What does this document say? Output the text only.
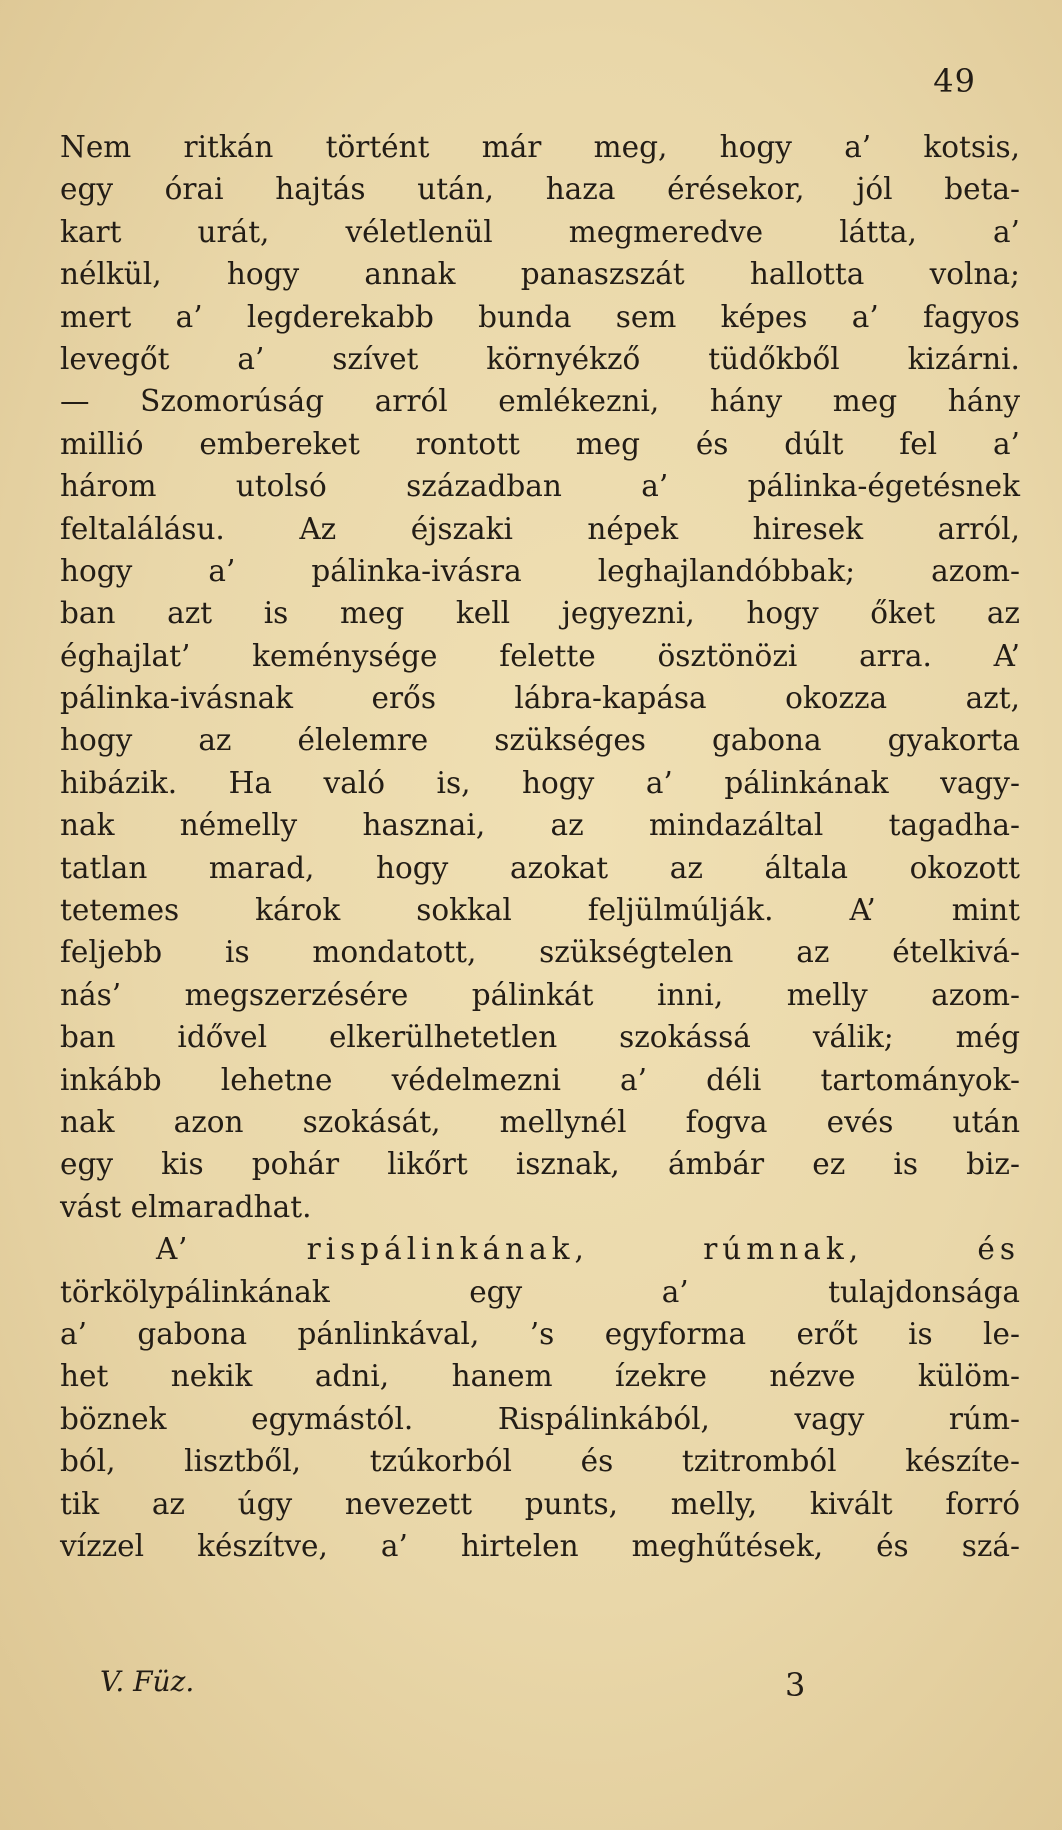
49
Nem ritkán történt már meg, hogy a’ kotsis,
egy órai hajtás után, haza érésekor, jól beta-
kart	urát,	véletlenül	megmeredve	látta,	a’
nélkül, hogy annak panaszszát hallotta volna;
mert a’ legderekabb bunda sem képes a’ fagyos
levegőt a’ szívet környékző tüdőkből kizárni.
— Szomorúság arról emlékezni, hány meg hány
millió embereket rontott meg és dúlt fel a’
három	utolsó	században	a’	pálinka-égetésnek
feltalálásu.	Az	éjszaki	népek	hiresek	arról,
hogy	a’	pálinka-ivásra	leghajlandóbbak;	azom-
ban azt is meg kell jegyezni, hogy őket az
éghajlat’ keménysége felette ösztönözi arra. A’
pálinka-ivásnak	erős	lábra-kapása	okozza	azt,
hogy az élelemre szükséges gabona gyakorta
hibázik. Ha való is, hogy a’ pálinkának vagy-
nak némelly hasznai, az mindazáltal tagadha-
tatlan marad, hogy azokat az általa okozott
tetemes	károk	sokkal	feljülmúlják.	A’	mint
feljebb is mondatott, szükségtelen az ételkivá-
nás’ megszerzésére pálinkát inni, melly azom-
ban idővel elkerülhetetlen szokássá válik; még
inkább lehetne védelmezni a’ déli tartományok-
nak azon szokását, mellynél fogva evés után
egy kis pohár likőrt isznak, ámbár ez is biz-
vást elmaradhat.
A’	rispálinkának,	rúmnak,	és
törkölypálinkának	egy	a’	tulajdonsága
a’ gabona pánlinkával, ’s egyforma erőt is le-
het nekik adni, hanem ízekre nézve külöm-
böznek	egymástól.	Rispálinkából,	vagy	rúm-
ból, lisztből, tzúkorból és tzitromból készíte-
tik az úgy nevezett punts, melly, kivált forró
vízzel készítve, a’ hirtelen meghűtések, és szá-
V. Füz.	3
